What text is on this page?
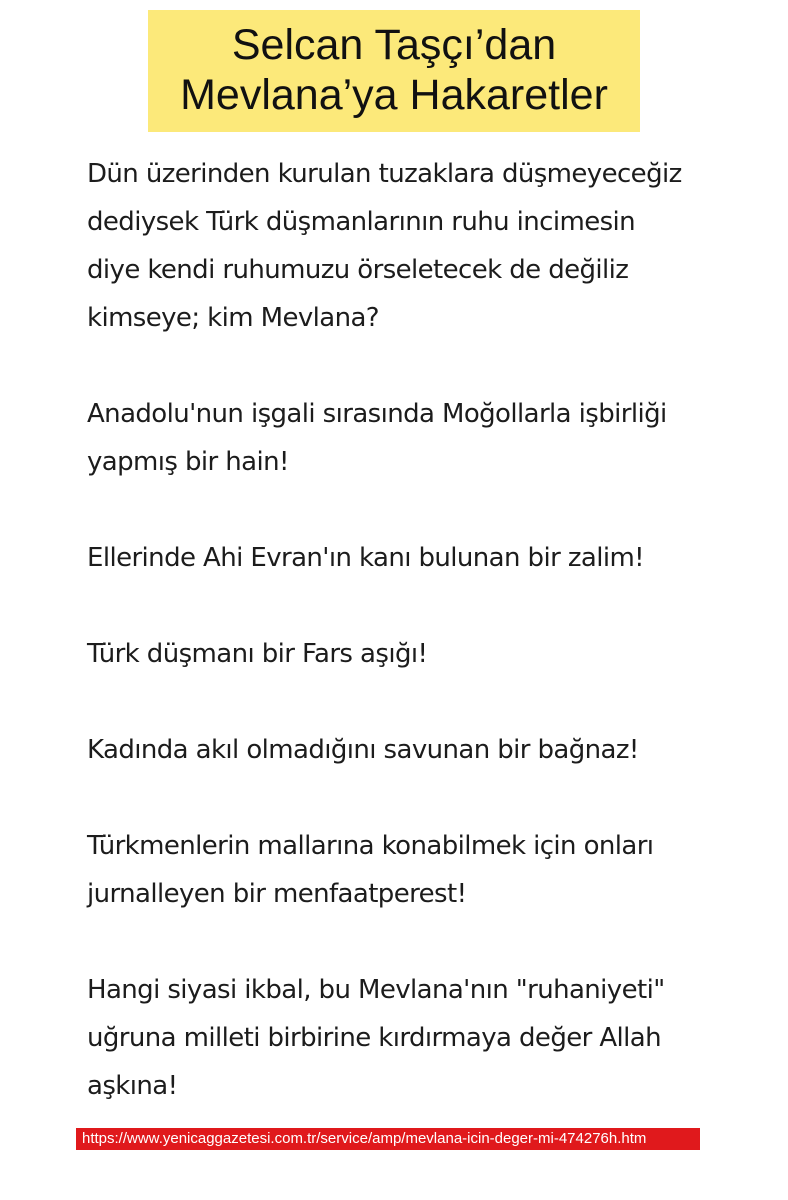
Selcan Taşçı’dan
Mevlana’ya Hakaretler

Dün üzerinden kurulan tuzaklara düşmeyeceğiz
dediysek Türk düşmanlarının ruhu incimesin
diye kendi ruhumuzu örseletecek de değiliz
kimseye; kim Mevlana?

Anadolu'nun işgali sırasında Moğollarla işbirliği
yapmış bir hain!

Ellerinde Ahi Evran'ın kanı bulunan bir zalim!

Türk düşmanı bir Fars aşığı!

Kadında akıl olmadığını savunan bir bağnaz!

Türkmenlerin mallarına konabilmek için onları
jurnalleyen bir menfaatperest!

Hangi siyasi ikbal, bu Mevlana'nın "ruhaniyeti"
uğruna milleti birbirine kırdırmaya değer Allah
aşkına!

https://www.yenicaggazetesi.com.tr/service/amp/mevlana-icin-deger-mi-474276h.htm
